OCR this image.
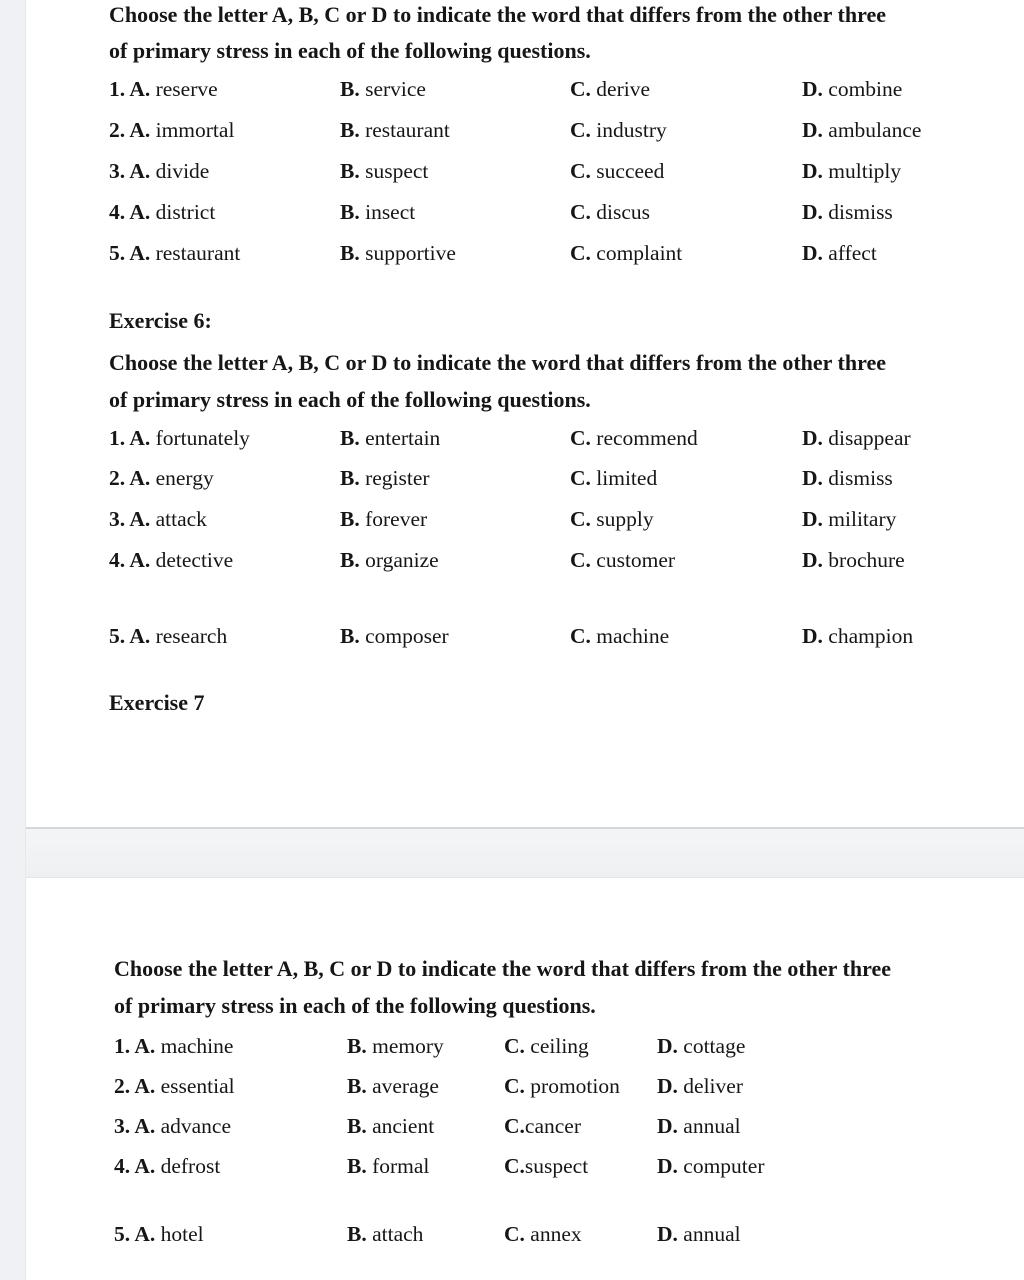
Choose the letter A, B, C or D to indicate the word that differs from the other three
of primary stress in each of the following questions.
1. A. reserve	B. service	C. derive	D. combine
2. A. immortal	B. restaurant	C. industry	D. ambulance
3. A. divide	B. suspect	C. succeed	D. multiply
4. A. district	B. insect	C. discus	D. dismiss
5. A. restaurant	B. supportive	C. complaint	D. affect
Exercise 6:
Choose the letter A, B, C or D to indicate the word that differs from the other three
of primary stress in each of the following questions.
1. A. fortunately	B. entertain	C. recommend	D. disappear
2. A. energy	B. register	C. limited	D. dismiss
3. A. attack	B. forever	C. supply	D. military
4. A. detective	B. organize	C. customer	D. brochure
5. A. research	B. composer	C. machine	D. champion
Exercise 7
Choose the letter A, B, C or D to indicate the word that differs from the other three
of primary stress in each of the following questions.
1. A. machine	B. memory	C. ceiling	D. cottage
2. A. essential	B. average	C. promotion D. deliver
3. A. advance	B. ancient	C.cancer	D. annual
4. A. defrost	B. formal	C.suspect	D. computer
5. A. hotel	B. attach	C. annex	D. annual
